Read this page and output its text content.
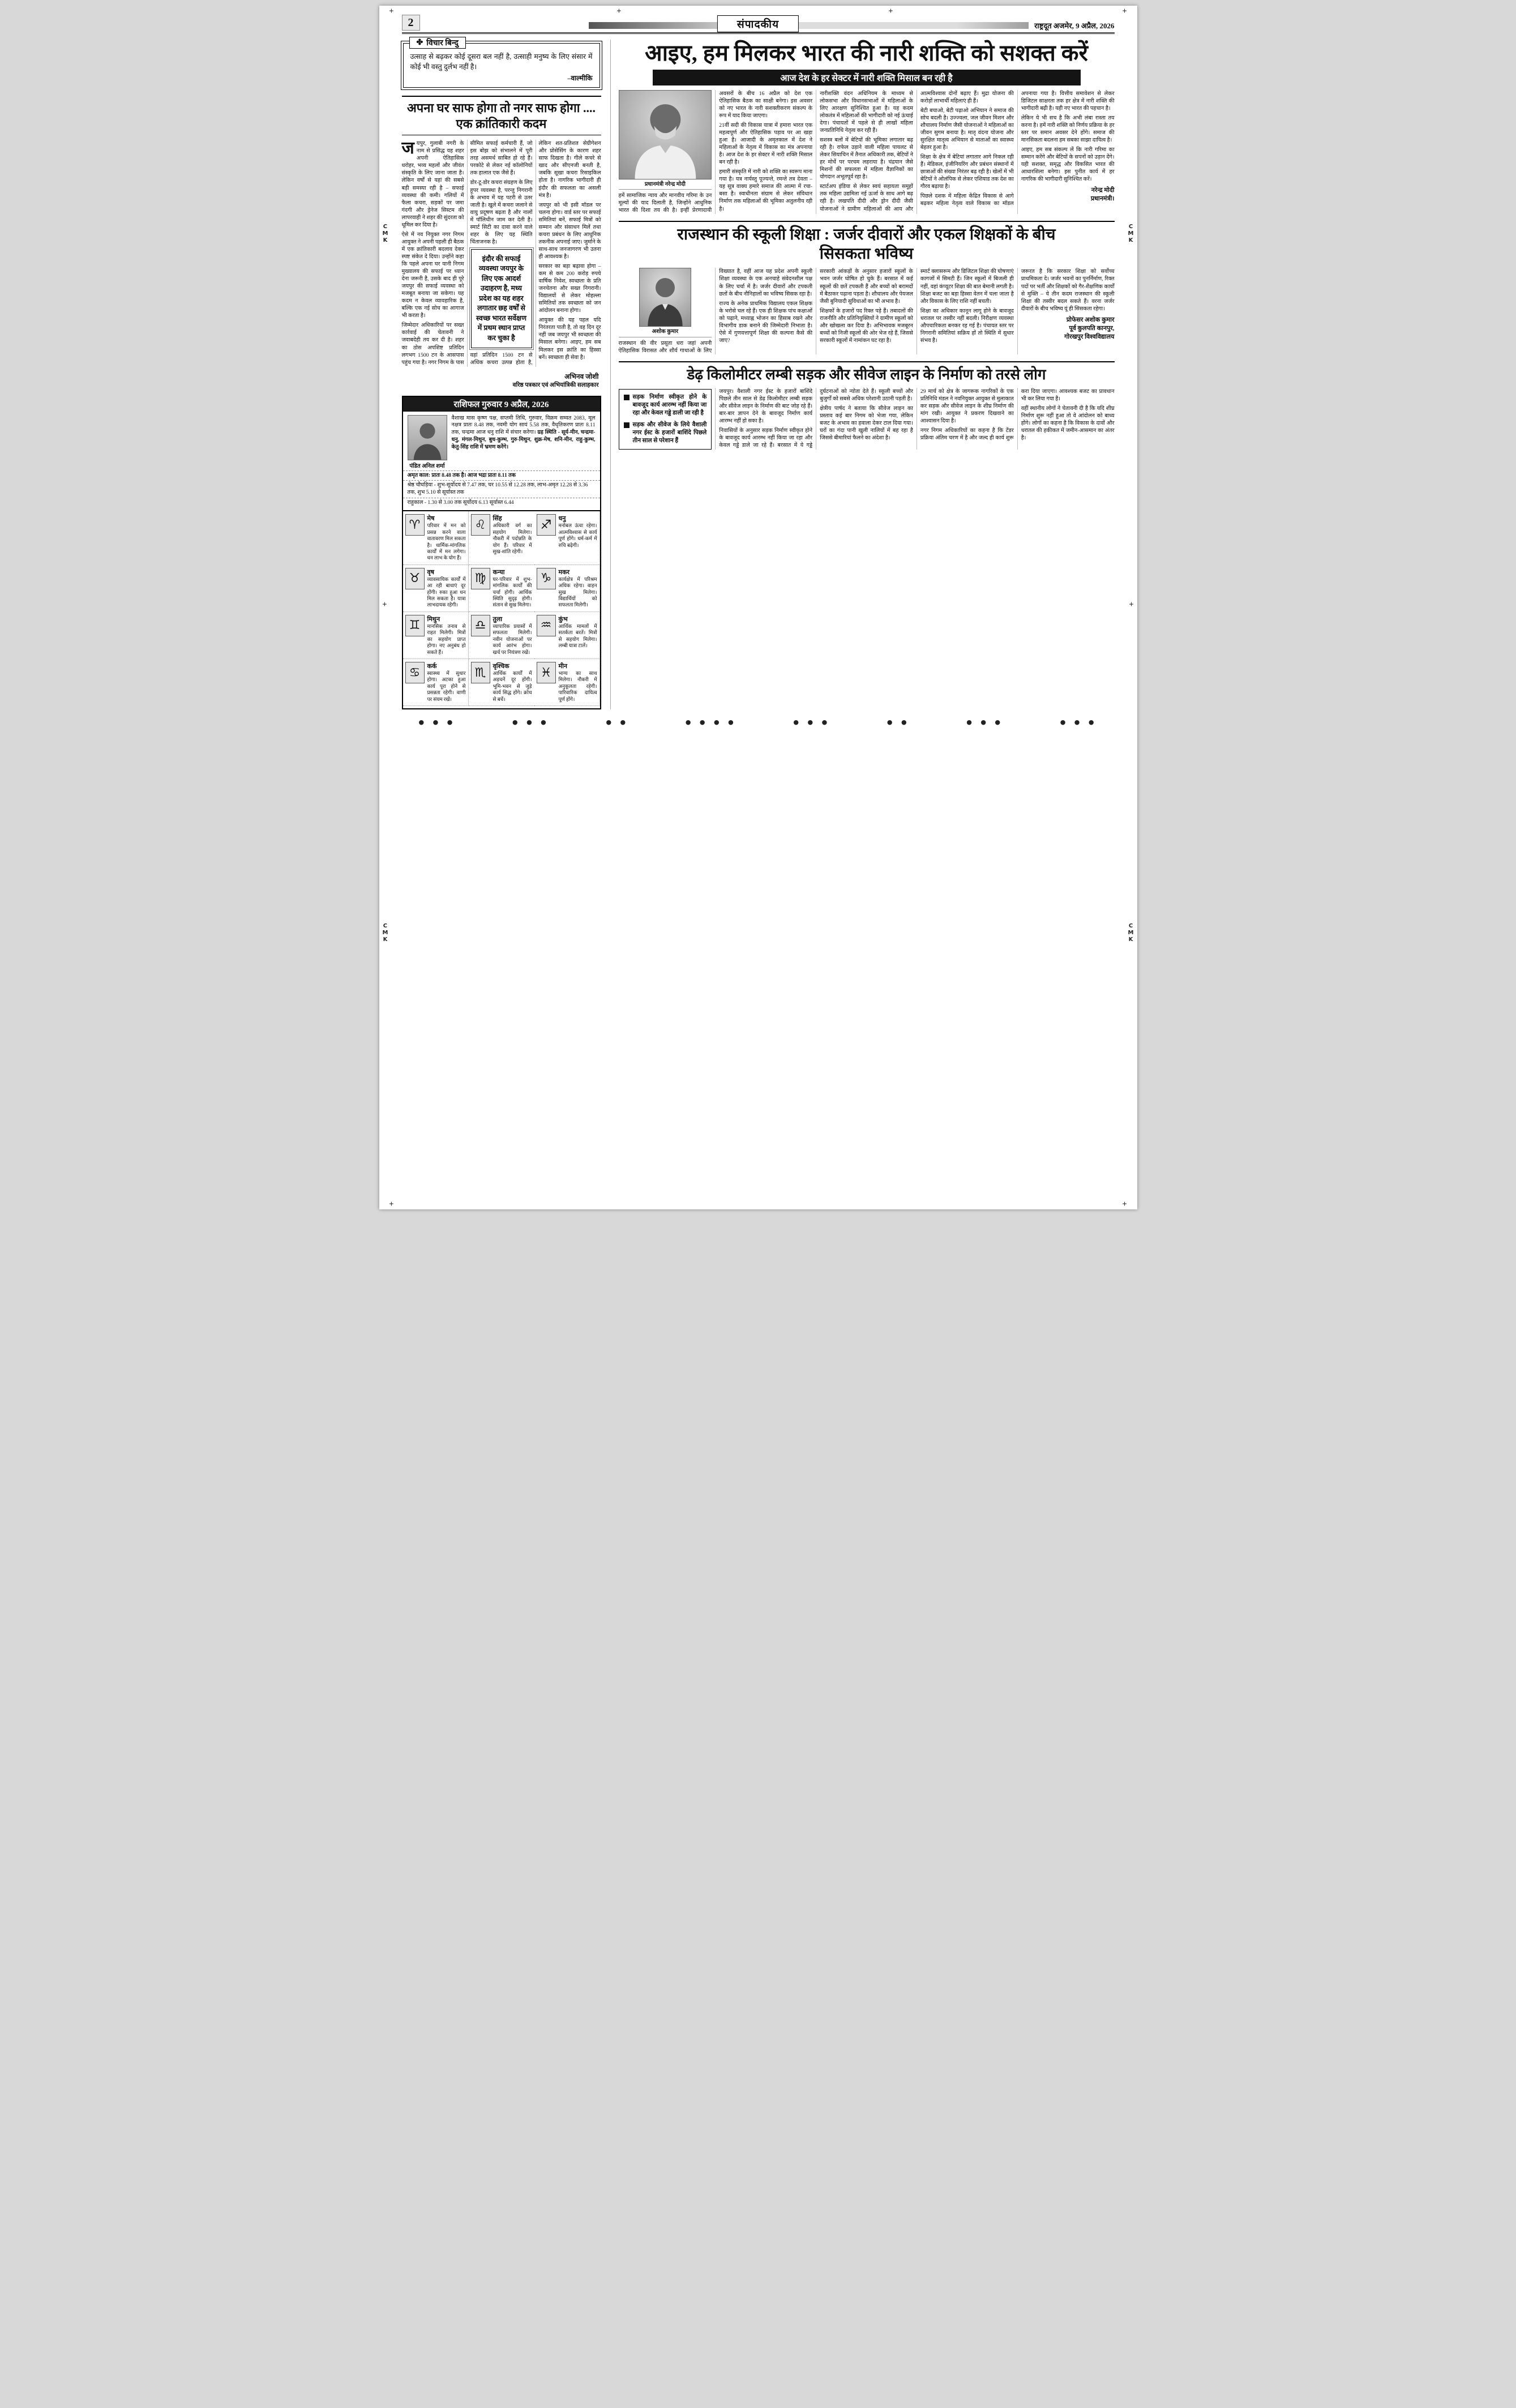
+	+	+	+
+	+
+	+
C
M
K
C
M
K
C
M
K
C
M
K
2	संपादकीय	राष्ट्रदूत अजमेर, 9 अप्रैल, 2026
✤ विचार बिन्दु

उत्साह से बढ़कर कोई दूसरा बल नहीं है, उत्साही मनुष्य के लिए संसार में कोई भी वस्तु दुर्लभ नहीं है।

–वाल्मीकि

अपना घर साफ होगा तो नगर साफ होगा .... एक क्रांतिकारी कदम

जयपुर, गुलाबी नगरी के नाम से प्रसिद्ध यह शहर अपनी ऐतिहासिक धरोहर, भव्य महलों और जीवंत संस्कृति के लिए जाना जाता है। लेकिन वर्षों से यहां की सबसे बड़ी समस्या रही है – सफाई व्यवस्था की कमी। गलियों में फैला कचरा, सड़कों पर जमा गंदगी और ड्रेनेज सिस्टम की लापरवाही ने शहर की सुंदरता को धूमिल कर दिया है।

ऐसे में नव नियुक्त नगर निगम आयुक्त ने अपनी पहली ही बैठक में एक क्रांतिकारी बदलाव देकर स्पष्ट संकेत दे दिया। उन्होंने कहा कि पहले अपना घर यानी निगम मुख्यालय की सफाई पर ध्यान देना जरूरी है, उसके बाद ही पूरे जयपुर की सफाई व्यवस्था को मजबूत बनाया जा सकेगा। यह कदम न केवल व्यावहारिक है, बल्कि एक नई सोच का आगाज भी करता है।

जिम्मेदार अधिकारियों पर सख्त कार्रवाई की चेतावनी ने जवाबदेही तय कर दी है। शहर का ठोस अपशिष्ट प्रतिदिन लगभग 1500 टन के आसपास पहुंच गया है। नगर निगम के पास सीमित सफाई कर्मचारी हैं, जो इस बोझ को संभालने में पूरी तरह असमर्थ साबित हो रहे हैं। परकोटे से लेकर नई कॉलोनियों तक हालात एक जैसे हैं।

डोर-टू-डोर कचरा संग्रहण के लिए हूपर व्यवस्था है, परन्तु निगरानी के अभाव में यह पटरी से उतर जाती है। खुले में कचरा जलाने से वायु प्रदूषण बढ़ता है और नालों में पॉलिथीन जाम कर देती है। स्मार्ट सिटी का दावा करने वाले शहर के लिए यह स्थिति चिंताजनक है।

इंदौर की सफाई व्यवस्था जयपुर के लिए एक आदर्श उदाहरण है, मध्य प्रदेश का यह शहर लगातार छह वर्षों से स्वच्छ भारत सर्वेक्षण में प्रथम स्थान प्राप्त कर चुका है

वहां प्रतिदिन 1500 टन से अधिक कचरा उत्पन्न होता है, लेकिन शत-प्रतिशत सेग्रीगेशन और प्रोसेसिंग के कारण शहर साफ दिखता है। गीले कचरे से खाद और सीएनजी बनती है, जबकि सूखा कचरा रिसाइकिल होता है। नागरिक भागीदारी ही इंदौर की सफलता का असली मंत्र है।

जयपुर को भी इसी मॉडल पर चलना होगा। वार्ड स्तर पर सफाई समितियां बनें, सफाई मित्रों को सम्मान और संसाधन मिलें तथा कचरा प्रबंधन के लिए आधुनिक तकनीक अपनाई जाए। जुर्माने के साथ-साथ जनजागरण भी उतना ही आवश्यक है।

सरकार का बड़ा बढ़ावा होगा – कम से कम 200 करोड़ रुपये वार्षिक निवेश, स्वच्छता के प्रति जनचेतना और सख्त निगरानी। विद्यालयों से लेकर मोहल्ला समितियों तक स्वच्छता को जन आंदोलन बनाना होगा।

आयुक्त की यह पहल यदि निरंतरता पाती है, तो वह दिन दूर नहीं जब जयपुर भी स्वच्छता की मिसाल बनेगा। आइए, हम सब मिलकर इस क्रांति का हिस्सा बनें। स्वच्छता ही सेवा है।

अभिनव जोशी
वरिष्ठ पत्रकार एवं अभियांत्रिकी सलाहकार
राशिफल गुरुवार 9 अप्रैल, 2026
पंडित अनिल शर्मा
वैशाख मास कृष्ण पक्ष, सप्तमी तिथि, गुरुवार, विक्रम सम्वत 2083, मूल नक्षत्र प्रातः 8.48 तक, नवमी योग सायं 5.58 तक, वैधृतिकरण प्रातः 8.11 तक, चन्द्रमा आज धनु राशि में संचार करेगा। ग्रह स्थिति - सूर्य-मीन, चन्द्रमा-धनु, मंगल-मिथुन, बुध-कुम्भ, गुरु-मिथुन, शुक्र-मेष, शनि-मीन, राहु-कुम्भ, केतु-सिंह राशि में भ्रमण करेंगे।
अमृत काल: प्रातः 8.48 तक है। आज भद्रा प्रातः 8.11 तक
श्रेष्ठ चौघड़िया - शुभ-सूर्योदय से 7.47 तक, चर 10.55 से 12.28 तक, लाभ-अमृत 12.28 से 3.36 तक, शुभ 5.10 से सूर्यास्त तक
राहुकाल - 1.30 से 3.00 तक सूर्योदय 6.13 सूर्यास्त 6.44
♈	मेष
परिवार में मन को प्रसन्न करने वाला वातावरण मिल सकता है। धार्मिक-मांगलिक कार्यों में मन लगेगा। धन लाभ के योग हैं।
♌	सिंह
अधिकारी वर्ग का सहयोग मिलेगा। नौकरी में पदोन्नति के योग हैं। परिवार में सुख-शांति रहेगी।
♐	धनु
मनोबल ऊंचा रहेगा। आत्मविश्वास से कार्य पूर्ण होंगे। धर्म-कर्म में रुचि बढ़ेगी।
♉	वृष
व्यावसायिक कार्यों में आ रही बाधाएं दूर होंगी। रुका हुआ धन मिल सकता है। यात्रा लाभदायक रहेगी।
♍	कन्या
घर-परिवार में शुभ-मांगलिक कार्यों की चर्चा होगी। आर्थिक स्थिति सुदृढ़ होगी। संतान से सुख मिलेगा।
♑	मकर
कार्यक्षेत्र में परिश्रम अधिक रहेगा। वाहन सुख मिलेगा। विद्यार्थियों को सफलता मिलेगी।
♊	मिथुन
मानसिक तनाव से राहत मिलेगी। मित्रों का सहयोग प्राप्त होगा। नए अनुबंध हो सकते हैं।
♎	तुला
व्यापारिक प्रयासों में सफलता मिलेगी। नवीन योजनाओं पर कार्य आरंभ होगा। खर्च पर नियंत्रण रखें।
♒	कुंभ
आर्थिक मामलों में सतर्कता बरतें। मित्रों से सहयोग मिलेगा। लम्बी यात्रा टालें।
♋	कर्क
स्वास्थ्य में सुधार होगा। अटका हुआ कार्य पूरा होने से प्रसन्नता रहेगी। वाणी पर संयम रखें।
♏	वृश्चिक
आर्थिक कार्यों में अड़चनें दूर होंगी। भूमि-भवन से जुड़े कार्य सिद्ध होंगे। क्रोध से बचें।
♓	मीन
भाग्य का साथ मिलेगा। नौकरी में अनुकूलता रहेगी। पारिवारिक दायित्व पूर्ण होंगे।
आइए, हम मिलकर भारत की नारी शक्ति को सशक्त करें
आज देश के हर सेक्टर में नारी शक्ति मिसाल बन रही है
प्रधानमंत्री नरेन्द्र मोदी

हमें सामाजिक न्याय और मानवीय गरिमा के उन मूल्यों की याद दिलाती है, जिन्होंने आधुनिक भारत की दिशा तय की है। इन्हीं प्रेरणादायी अवसरों के बीच 16 अप्रैल को देश एक ऐतिहासिक बैठक का साक्षी बनेगा। इस अवसर को नए भारत के नारी सशक्तीकरण संकल्प के रूप में याद किया जाएगा।

21वीं सदी की विकास यात्रा में हमारा भारत एक महत्वपूर्ण और ऐतिहासिक पड़ाव पर आ खड़ा हुआ है। आजादी के अमृतकाल में देश ने महिलाओं के नेतृत्व में विकास का मंत्र अपनाया है। आज देश के हर सेक्टर में नारी शक्ति मिसाल बन रही है।

हमारी संस्कृति में नारी को शक्ति का स्वरूप माना गया है। यत्र नार्यस्तु पूज्यन्ते, रमन्ते तत्र देवता – यह सूत्र वाक्य हमारे समाज की आत्मा में रचा-बसा है। स्वाधीनता संग्राम से लेकर संविधान निर्माण तक महिलाओं की भूमिका अतुलनीय रही है।

नारीशक्ति वंदन अधिनियम के माध्यम से लोकसभा और विधानसभाओं में महिलाओं के लिए आरक्षण सुनिश्चित हुआ है। यह कदम लोकतंत्र में महिलाओं की भागीदारी को नई ऊंचाई देगा। पंचायतों में पहले से ही लाखों महिला जनप्रतिनिधि नेतृत्व कर रही हैं।

सशस्त्र बलों में बेटियों की भूमिका लगातार बढ़ रही है। राफेल उड़ाने वाली महिला पायलट से लेकर सियाचिन में तैनात अधिकारी तक, बेटियों ने हर मोर्चे पर परचम लहराया है। चंद्रयान जैसे मिशनों की सफलता में महिला वैज्ञानिकों का योगदान अभूतपूर्व रहा है।

स्टार्टअप इंडिया से लेकर स्वयं सहायता समूहों तक महिला उद्यमिता नई ऊर्जा के साथ आगे बढ़ रही है। लखपति दीदी और ड्रोन दीदी जैसी योजनाओं ने ग्रामीण महिलाओं की आय और आत्मविश्वास दोनों बढ़ाए हैं। मुद्रा योजना की करोड़ों लाभार्थी महिलाएं ही हैं।

बेटी बचाओ, बेटी पढ़ाओ अभियान ने समाज की सोच बदली है। उज्ज्वला, जल जीवन मिशन और शौचालय निर्माण जैसी योजनाओं ने महिलाओं का जीवन सुगम बनाया है। मातृ वंदना योजना और सुरक्षित मातृत्व अभियान से माताओं का स्वास्थ्य बेहतर हुआ है।

शिक्षा के क्षेत्र में बेटियां लगातार आगे निकल रही हैं। मेडिकल, इंजीनियरिंग और प्रबंधन संस्थानों में छात्राओं की संख्या निरंतर बढ़ रही है। खेलों में भी बेटियों ने ओलंपिक से लेकर एशियाड तक देश का गौरव बढ़ाया है।

पिछले दशक में महिला केंद्रित विकास से आगे बढ़कर महिला नेतृत्व वाले विकास का मॉडल अपनाया गया है। वित्तीय समावेशन से लेकर डिजिटल साक्षरता तक हर क्षेत्र में नारी शक्ति की भागीदारी बढ़ी है। यही नए भारत की पहचान है।

लेकिन ये भी सच है कि अभी लंबा रास्ता तय करना है। हमें नारी शक्ति को निर्णय प्रक्रिया के हर स्तर पर समान अवसर देने होंगे। समाज की मानसिकता बदलना हम सबका साझा दायित्व है।

आइए, हम सब संकल्प लें कि नारी गरिमा का सम्मान करेंगे और बेटियों के सपनों को उड़ान देंगे। यही सशक्त, समृद्ध और विकसित भारत की आधारशिला बनेगा। इस पुनीत कार्य में हर नागरिक की भागीदारी सुनिश्चित करें।

नरेन्द्र मोदी
प्रधानमंत्री।

राजस्थान की स्कूली शिक्षा : जर्जर दीवारों और एकल शिक्षकों के बीच सिसकता भविष्य
अशोक कुमार

राजस्थान की वीर प्रसूता धरा जहां अपनी ऐतिहासिक विरासत और शौर्य गाथाओं के लिए विख्यात है, वहीं आज यह प्रदेश अपनी स्कूली शिक्षा व्यवस्था के एक अनचाहे संवेदनशील पक्ष के लिए चर्चा में है। जर्जर दीवारों और टपकती छतों के बीच नौनिहालों का भविष्य सिसक रहा है।

राज्य के अनेक प्राथमिक विद्यालय एकल शिक्षक के भरोसे चल रहे हैं। एक ही शिक्षक पांच कक्षाओं को पढ़ाने, मध्याह्न भोजन का हिसाब रखने और विभागीय डाक बनाने की जिम्मेदारी निभाता है। ऐसे में गुणवत्तापूर्ण शिक्षा की कल्पना कैसे की जाए?

सरकारी आंकड़ों के अनुसार हजारों स्कूलों के भवन जर्जर घोषित हो चुके हैं। बरसात में कई स्कूलों की छतें टपकती हैं और बच्चों को बरामदों में बैठाकर पढ़ाना पड़ता है। शौचालय और पेयजल जैसी बुनियादी सुविधाओं का भी अभाव है।

शिक्षकों के हजारों पद रिक्त पड़े हैं। तबादलों की राजनीति और प्रतिनियुक्तियों ने ग्रामीण स्कूलों को और खोखला कर दिया है। अभिभावक मजबूरन बच्चों को निजी स्कूलों की ओर भेज रहे हैं, जिससे सरकारी स्कूलों में नामांकन घट रहा है।

स्मार्ट क्लासरूम और डिजिटल शिक्षा की घोषणाएं कागजों में सिमटी हैं। जिन स्कूलों में बिजली ही नहीं, वहां कंप्यूटर शिक्षा की बात बेमानी लगती है। शिक्षा बजट का बड़ा हिस्सा वेतन में चला जाता है और विकास के लिए राशि नहीं बचती।

शिक्षा का अधिकार कानून लागू होने के बावजूद धरातल पर तस्वीर नहीं बदली। निरीक्षण व्यवस्था औपचारिकता बनकर रह गई है। पंचायत स्तर पर निगरानी समितियां सक्रिय हों तो स्थिति में सुधार संभव है।

जरूरत है कि सरकार शिक्षा को सर्वोच्च प्राथमिकता दे। जर्जर भवनों का पुनर्निर्माण, रिक्त पदों पर भर्ती और शिक्षकों को गैर-शैक्षणिक कार्यों से मुक्ति – ये तीन कदम राजस्थान की स्कूली शिक्षा की तस्वीर बदल सकते हैं। वरना जर्जर दीवारों के बीच भविष्य यूं ही सिसकता रहेगा।

प्रोफेसर अशोक कुमार
पूर्व कुलपति कानपुर,
गोरखपुर विश्वविद्यालय

डेढ़ किलोमीटर लम्बी सड़क और सीवेज लाइन के निर्माण को तरसे लोग
सड़क निर्माण स्वीकृत होने के बावजूद कार्य आरम्भ नहीं किया जा रहा और केवल गड्डे डाली जा रही है
सड़क और सीवेज के लिये वैशाली नगर ईस्ट के हजारों बाशिंदे पिछले तीन साल से परेशान हैं

जयपुर। वैशाली नगर ईस्ट के हजारों बाशिंदे पिछले तीन साल से डेढ़ किलोमीटर लम्बी सड़क और सीवेज लाइन के निर्माण की बाट जोह रहे हैं। बार-बार ज्ञापन देने के बावजूद निर्माण कार्य आरम्भ नहीं हो सका है।

निवासियों के अनुसार सड़क निर्माण स्वीकृत होने के बावजूद कार्य आरम्भ नहीं किया जा रहा और केवल गड्डे डाले जा रहे हैं। बरसात में ये गड्डे दुर्घटनाओं को न्योता देते हैं। स्कूली बच्चों और बुजुर्गों को सबसे अधिक परेशानी उठानी पड़ती है।

क्षेत्रीय पार्षद ने बताया कि सीवेज लाइन का प्रस्ताव कई बार निगम को भेजा गया, लेकिन बजट के अभाव का हवाला देकर टाल दिया गया। घरों का गंदा पानी खुली नालियों में बह रहा है जिससे बीमारियां फैलने का अंदेशा है।

29 मार्च को क्षेत्र के जागरूक नागरिकों के एक प्रतिनिधि मंडल ने नवनियुक्त आयुक्त से मुलाकात कर सड़क और सीवेज लाइन के शीघ्र निर्माण की मांग रखी। आयुक्त ने प्रकरण दिखवाने का आश्वासन दिया है।

नगर निगम अधिकारियों का कहना है कि टेंडर प्रक्रिया अंतिम चरण में है और जल्द ही कार्य शुरू करा दिया जाएगा। आवश्यक बजट का प्रावधान भी कर लिया गया है।

वहीं स्थानीय लोगों ने चेतावनी दी है कि यदि शीघ्र निर्माण शुरू नहीं हुआ तो वे आंदोलन को बाध्य होंगे। लोगों का कहना है कि विकास के दावों और धरातल की हकीकत में जमीन-आसमान का अंतर है।

● ● ●	● ● ●	● ●	● ● ● ●	● ● ●	● ●	● ● ●	● ● ●
